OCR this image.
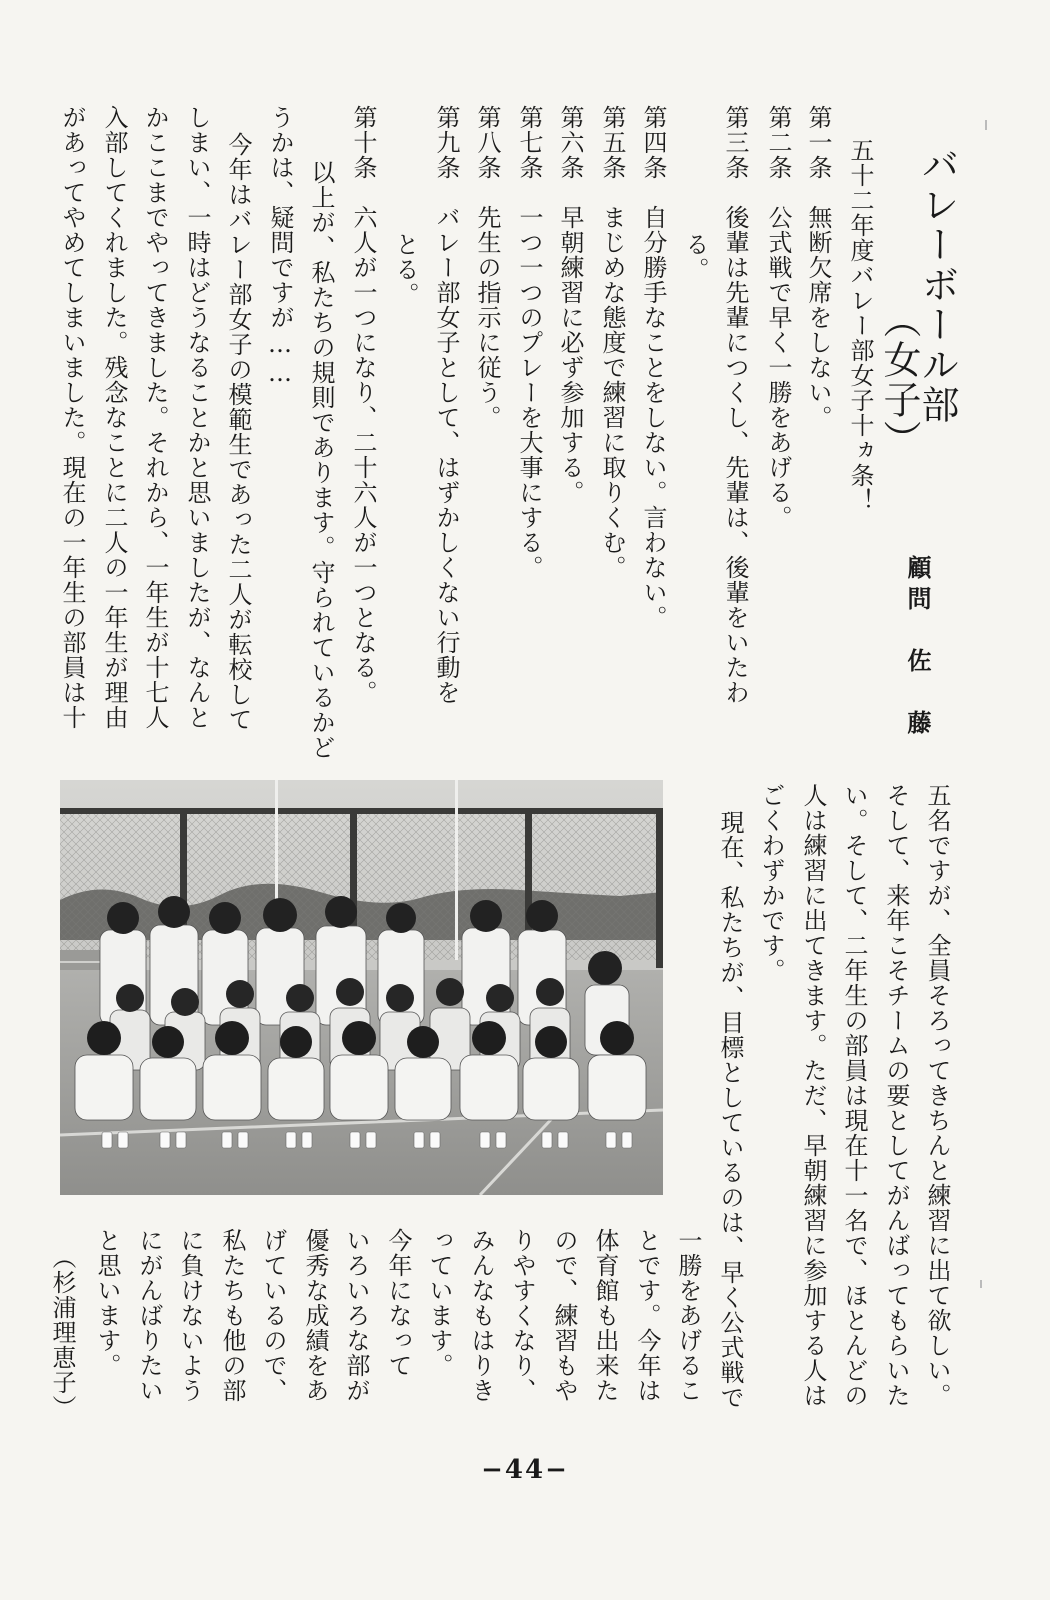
バレーボール部
（女子）
顧問　佐　藤
五十二年度バレー部女子十ヵ条！
第一条　無断欠席をしない。
第二条　公式戦で早く一勝をあげる。
第三条　後輩は先輩につくし、先輩は、後輩をいたわ
る。
第四条　自分勝手なことをしない。言わない。
第五条　まじめな態度で練習に取りくむ。
第六条　早朝練習に必ず参加する。
第七条　一つ一つのプレーを大事にする。
第八条　先生の指示に従う。
第九条　バレー部女子として、はずかしくない行動を
とる。
第十条　六人が一つになり、二十六人が一つとなる。
以上が、私たちの規則であります。守られているかど
うかは、疑問ですが……
今年はバレー部女子の模範生であった二人が転校して
しまい、一時はどうなることかと思いましたが、なんと
かここまでやってきました。それから、一年生が十七人
入部してくれました。残念なことに二人の一年生が理由
があってやめてしまいました。現在の一年生の部員は十
五名ですが、全員そろってきちんと練習に出て欲しい。
そして、来年こそチームの要としてがんばってもらいた
い。そして、二年生の部員は現在十一名で、ほとんどの
人は練習に出てきます。ただ、早朝練習に参加する人は
ごくわずかです。
現在、私たちが、目標としているのは、早く公式戦で
一勝をあげるこ
とです。今年は
体育館も出来た
ので、練習もや
りやすくなり、
みんなもはりき
っています。
今年になって
いろいろな部が
優秀な成績をあ
げているので、
私たちも他の部
に負けないよう
にがんばりたい
と思います。
（杉浦理恵子）
−44−
